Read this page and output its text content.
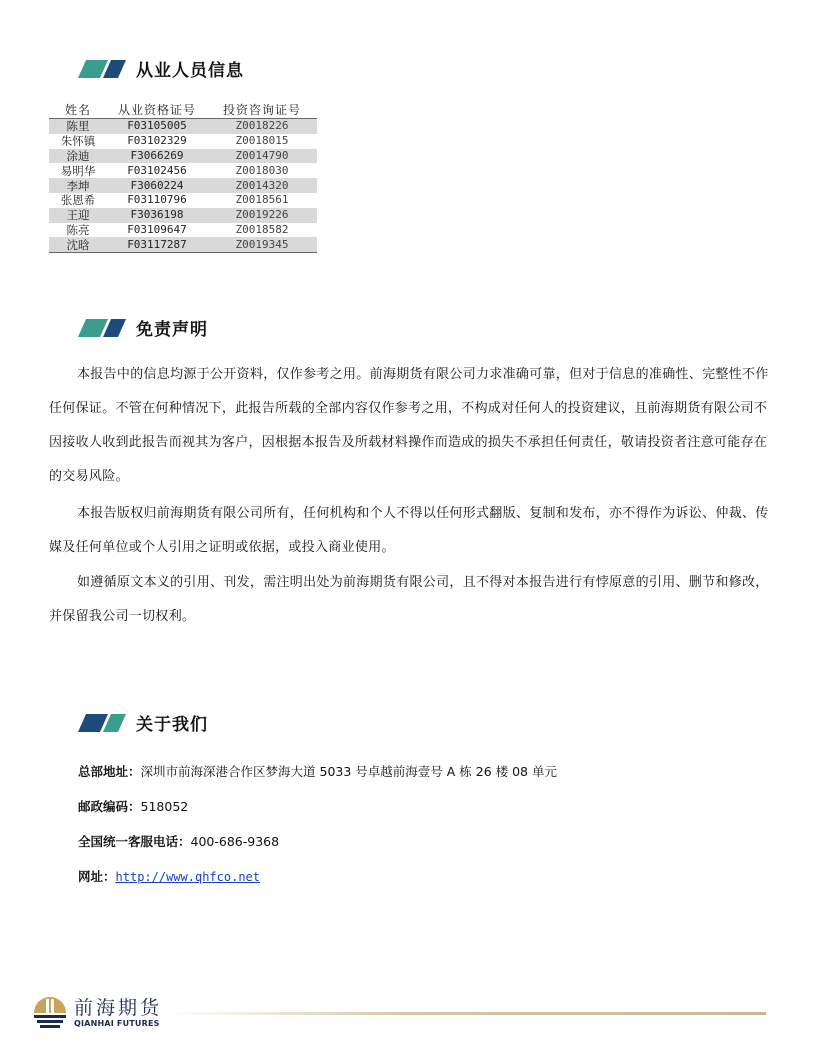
从业人员信息
姓名	从业资格证号	投资咨询证号
陈里	F03105005	Z0018226
朱怀镇	F03102329	Z0018015
涂迪	F3066269	Z0014790
易明华	F03102456	Z0018030
李坤	F3060224	Z0014320
张恩希	F03110796	Z0018561
王迎	F3036198	Z0019226
陈亮	F03109647	Z0018582
沈晗	F03117287	Z0019345
免责声明

本报告中的信息均源于公开资料，仅作参考之用。前海期货有限公司力求准确可靠，但对于信息的准确性、完整性不作任何保证。不管在何种情况下，此报告所载的全部内容仅作参考之用，不构成对任何人的投资建议，且前海期货有限公司不因接收人收到此报告而视其为客户，因根据本报告及所载材料操作而造成的损失不承担任何责任，敬请投资者注意可能存在的交易风险。

本报告版权归前海期货有限公司所有，任何机构和个人不得以任何形式翻版、复制和发布，亦不得作为诉讼、仲裁、传媒及任何单位或个人引用之证明或依据，或投入商业使用。

如遵循原文本义的引用、刊发，需注明出处为前海期货有限公司，且不得对本报告进行有悖原意的引用、删节和修改，并保留我公司一切权利。

关于我们
总部地址：深圳市前海深港合作区梦海大道 5033 号卓越前海壹号 A 栋 26 楼 08 单元
邮政编码：518052
全国统一客服电话：400-686-9368
网址：http://www.qhfco.net
前海期货
QIANHAI FUTURES
